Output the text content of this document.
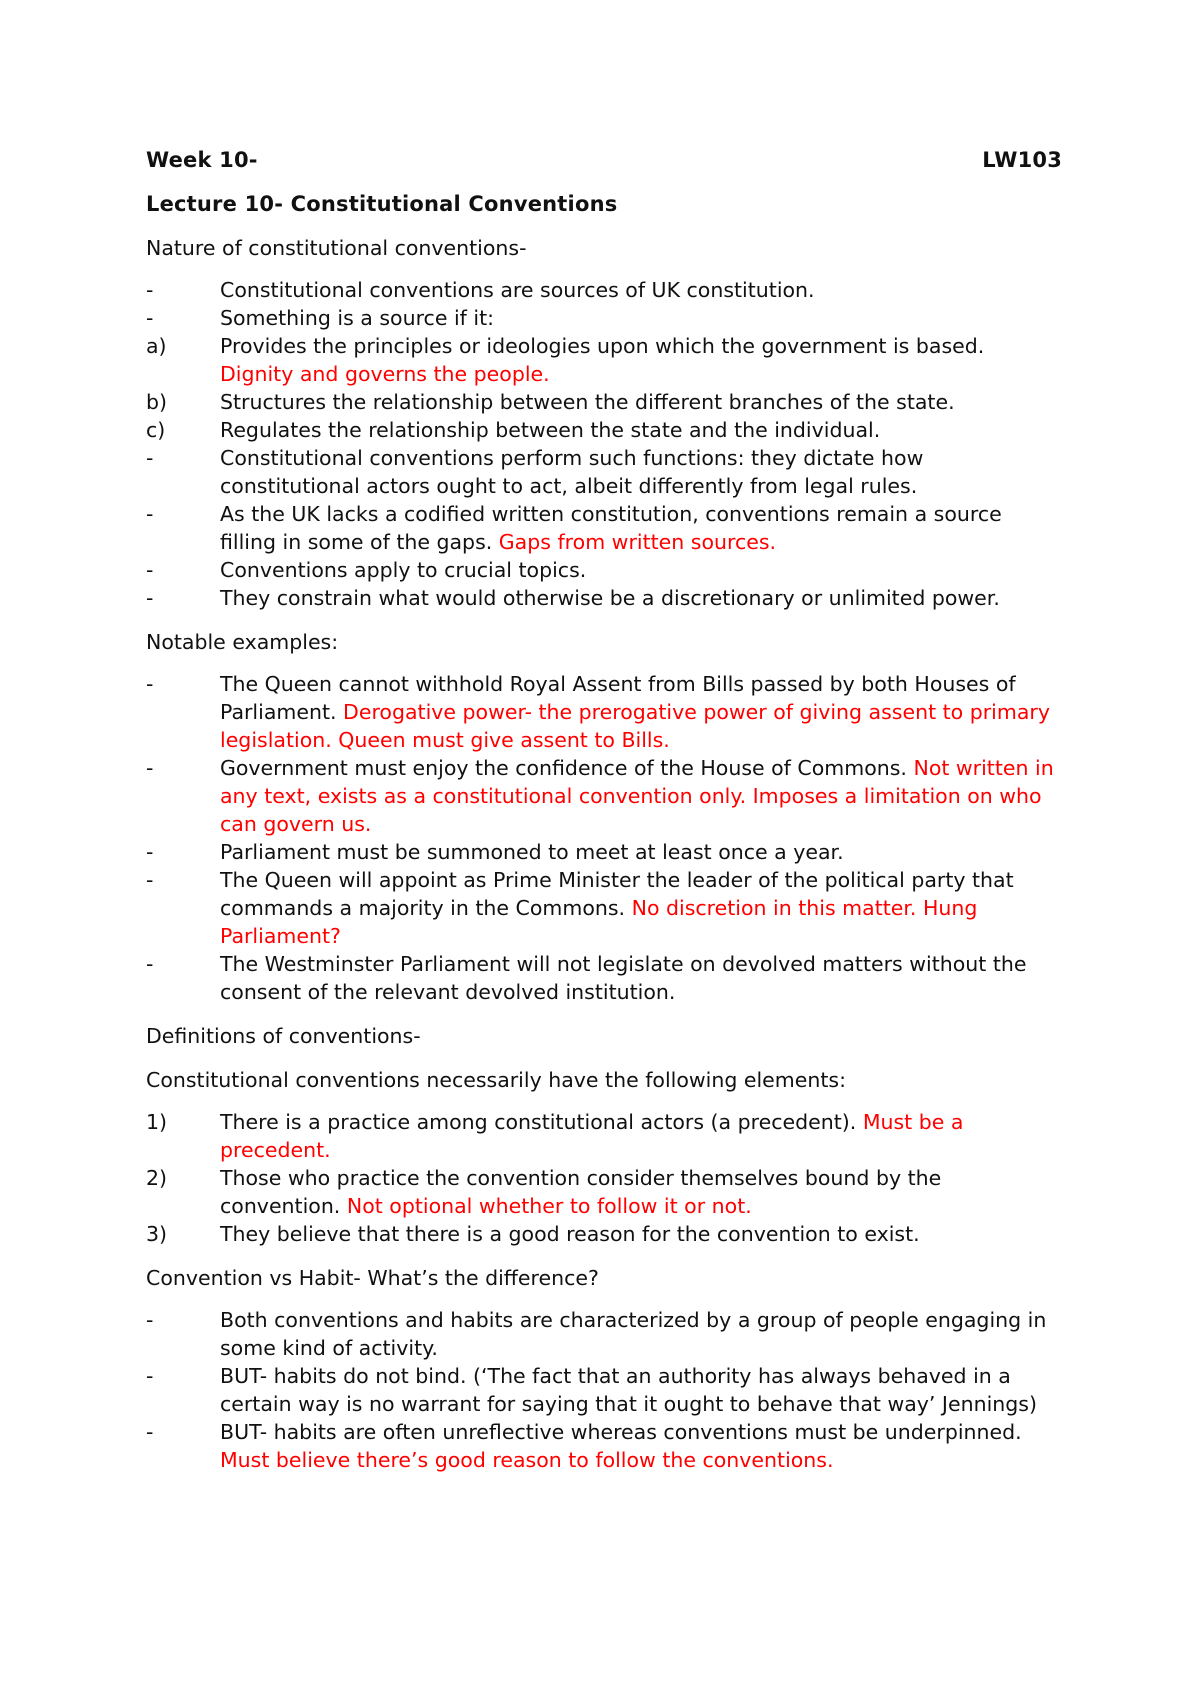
Week 10-	LW103
Lecture 10- Constitutional Conventions
Nature of constitutional conventions-
-	Constitutional conventions are sources of UK constitution.
-	Something is a source if it:
a)	Provides the principles or ideologies upon which the government is based. Dignity and governs the people.
b)	Structures the relationship between the different branches of the state.
c)	Regulates the relationship between the state and the individual.
-	Constitutional conventions perform such functions: they dictate how constitutional actors ought to act, albeit differently from legal rules.
-	As the UK lacks a codified written constitution, conventions remain a source filling in some of the gaps. Gaps from written sources.
-	Conventions apply to crucial topics.
-	They constrain what would otherwise be a discretionary or unlimited power.
Notable examples:
-	The Queen cannot withhold Royal Assent from Bills passed by both Houses of Parliament. Derogative power- the prerogative power of giving assent to primary legislation. Queen must give assent to Bills.
-	Government must enjoy the confidence of the House of Commons. Not written in any text, exists as a constitutional convention only. Imposes a limitation on who can govern us.
-	Parliament must be summoned to meet at least once a year.
-	The Queen will appoint as Prime Minister the leader of the political party that commands a majority in the Commons. No discretion in this matter. Hung Parliament?
-	The Westminster Parliament will not legislate on devolved matters without the consent of the relevant devolved institution.
Definitions of conventions-
Constitutional conventions necessarily have the following elements:
1)	There is a practice among constitutional actors (a precedent). Must be a precedent.
2)	Those who practice the convention consider themselves bound by the convention. Not optional whether to follow it or not.
3)	They believe that there is a good reason for the convention to exist.
Convention vs Habit- What’s the difference?
-	Both conventions and habits are characterized by a group of people engaging in some kind of activity.
-	BUT- habits do not bind. (‘The fact that an authority has always behaved in a certain way is no warrant for saying that it ought to behave that way’ Jennings)
-	BUT- habits are often unreflective whereas conventions must be underpinned. Must believe there’s good reason to follow the conventions.
